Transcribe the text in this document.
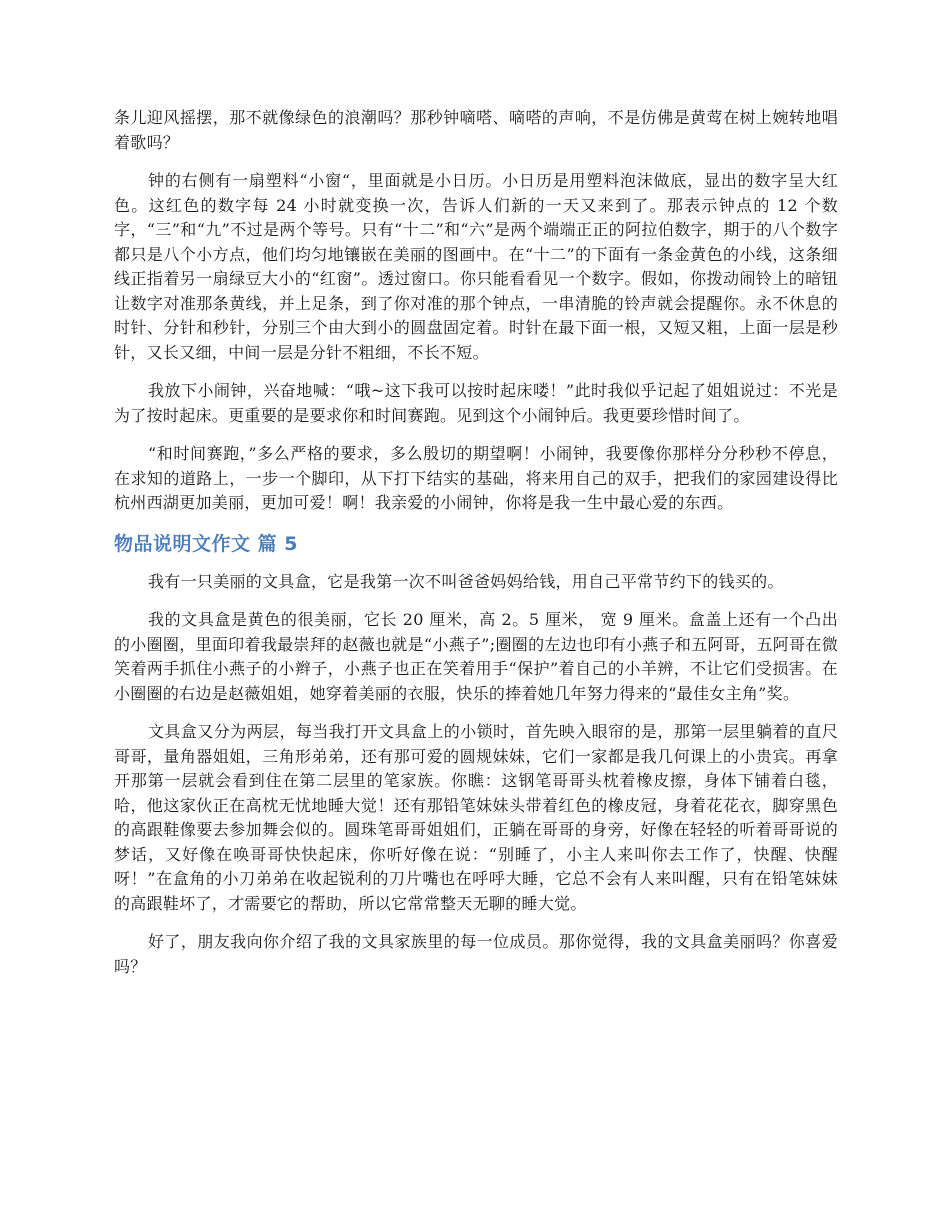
条儿迎风摇摆，那不就像绿色的浪潮吗？那秒钟嘀嗒、嘀嗒的声响，不是仿佛是黄莺在树上婉转地唱着歌吗？

钟的右侧有一扇塑料“小窗“，里面就是小日历。小日历是用塑料泡沫做底，显出的数字呈大红色。这红色的数字每 24 小时就变换一次，告诉人们新的一天又来到了。那表示钟点的 12 个数字，“三”和“九”不过是两个等号。只有“十二”和“六”是两个端端正正的阿拉伯数字，期于的八个数字都只是八个小方点，他们均匀地镶嵌在美丽的图画中。在“十二”的下面有一条金黄色的小线，这条细线正指着另一扇绿豆大小的“红窗”。透过窗口。你只能看看见一个数字。假如，你拨动闹铃上的暗钮让数字对准那条黄线，并上足条，到了你对准的那个钟点，一串清脆的铃声就会提醒你。永不休息的时针、分针和秒针，分别三个由大到小的圆盘固定着。时针在最下面一根，又短又粗，上面一层是秒针，又长又细，中间一层是分针不粗细，不长不短。

我放下小闹钟，兴奋地喊：“哦~这下我可以按时起床喽！”此时我似乎记起了姐姐说过：不光是为了按时起床。更重要的是要求你和时间赛跑。见到这个小闹钟后。我更要珍惜时间了。

“和时间赛跑，”多么严格的要求，多么殷切的期望啊！小闹钟，我要像你那样分分秒秒不停息，在求知的道路上，一步一个脚印，从下打下结实的基础，将来用自己的双手，把我们的家园建设得比杭州西湖更加美丽，更加可爱！啊！我亲爱的小闹钟，你将是我一生中最心爱的东西。

物品说明文作文 篇 5

我有一只美丽的文具盒，它是我第一次不叫爸爸妈妈给钱，用自己平常节约下的钱买的。

我的文具盒是黄色的很美丽，它长 20 厘米，高 2。5 厘米， 宽 9 厘米。盒盖上还有一个凸出的小圈圈，里面印着我最崇拜的赵薇也就是“小燕子”;圈圈的左边也印有小燕子和五阿哥，五阿哥在微笑着两手抓住小燕子的小辫子，小燕子也正在笑着用手“保护”着自己的小羊辨，不让它们受损害。在小圈圈的右边是赵薇姐姐，她穿着美丽的衣服，快乐的捧着她几年努力得来的“最佳女主角”奖。

文具盒又分为两层，每当我打开文具盒上的小锁时，首先映入眼帘的是，那第一层里躺着的直尺哥哥，量角器姐姐，三角形弟弟，还有那可爱的圆规妹妹，它们一家都是我几何课上的小贵宾。再拿开那第一层就会看到住在第二层里的笔家族。你瞧：这钢笔哥哥头枕着橡皮擦，身体下铺着白毯，哈，他这家伙正在高枕无忧地睡大觉！还有那铅笔妹妹头带着红色的橡皮冠，身着花花衣，脚穿黑色的高跟鞋像要去参加舞会似的。圆珠笔哥哥姐姐们，正躺在哥哥的身旁，好像在轻轻的听着哥哥说的梦话，又好像在唤哥哥快快起床，你听好像在说：“别睡了，小主人来叫你去工作了，快醒、快醒呀！”在盒角的小刀弟弟在收起锐利的刀片嘴也在呼呼大睡，它总不会有人来叫醒，只有在铅笔妹妹的高跟鞋坏了，才需要它的帮助，所以它常常整天无聊的睡大觉。

好了，朋友我向你介绍了我的文具家族里的每一位成员。那你觉得，我的文具盒美丽吗？你喜爱吗？
